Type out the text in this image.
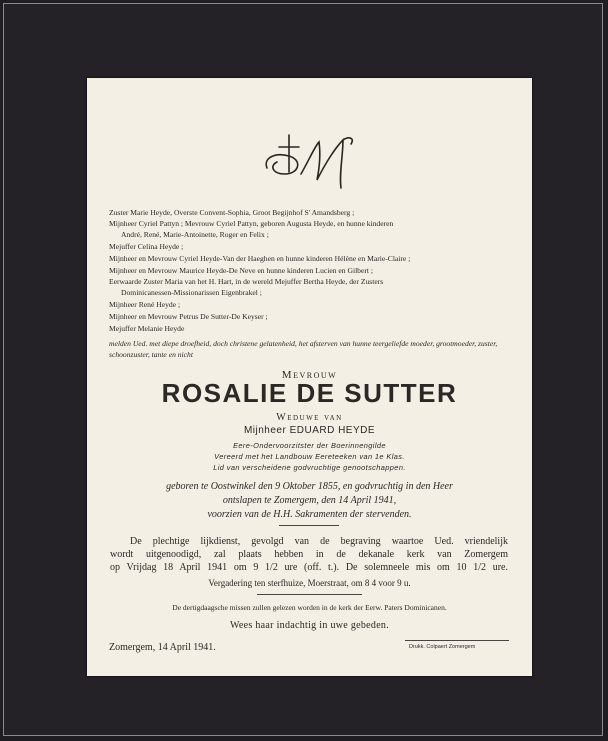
Zuster Marie Heyde, Overste Convent-Sophia, Groot Begijnhof S' Amandsberg ;
Mijnheer Cyriel Pattyn ; Mevrouw Cyriel Pattyn, geboren Augusta Heyde, en hunne kinderen
André, René, Marie-Antoinette, Roger en Felix ;
Mejuffer Celina Heyde ;
Mijnheer en Mevrouw Cyriel Heyde-Van der Haeghen en hunne kinderen Hélène en Marie-Claire ;
Mijnheer en Mevrouw Maurice Heyde-De Neve en hunne kinderen Lucien en Gilbert ;
Eerwaarde Zuster Maria van het H. Hart, in de wereld Mejuffer Bertha Heyde, der Zusters
Dominicanessen-Missionarissen Eigenbrakel ;
Mijnheer René Heyde ;
Mijnheer en Mevrouw Petrus De Sutter-De Keyser ;
Mejuffer Melanie Heyde
melden Ued. met diepe droefheid, doch christene gelatenheid, het afsterven van hunne teergeliefde moeder, grootmoeder, zuster, schoonzuster, tante en nicht
Mevrouw
ROSALIE DE SUTTER
Weduwe van
Mijnheer EDUARD HEYDE
Eere-Ondervoorzitster der Boerinnengilde
Vereerd met het Landbouw Eereteeken van 1e Klas.
Lid van verscheidene godvruchtige genootschappen.
geboren te Oostwinkel den 9 Oktober 1855, en godvruchtig in den Heer
ontslapen te Zomergem, den 14 April 1941,
voorzien van de H.H. Sakramenten der stervenden.
De plechtige lijkdienst, gevolgd van de begraving waartoe Ued. vriendelijk
wordt uitgenoodigd, zal plaats hebben in de dekanale kerk van Zomergem
op Vrijdag 18 April 1941 om 9 1/2 ure (off. t.). De solemneele mis om 10 1/2 ure.
Vergadering ten sterfhuize, Moerstraat, om 8 4 voor 9 u.
De dertigdaagsche missen zullen gelezen worden in de kerk der Eerw. Paters Dominicanen.
Wees haar indachtig in uwe gebeden.
Zomergem, 14 April 1941.	Drukk. Colpaert Zomergem
